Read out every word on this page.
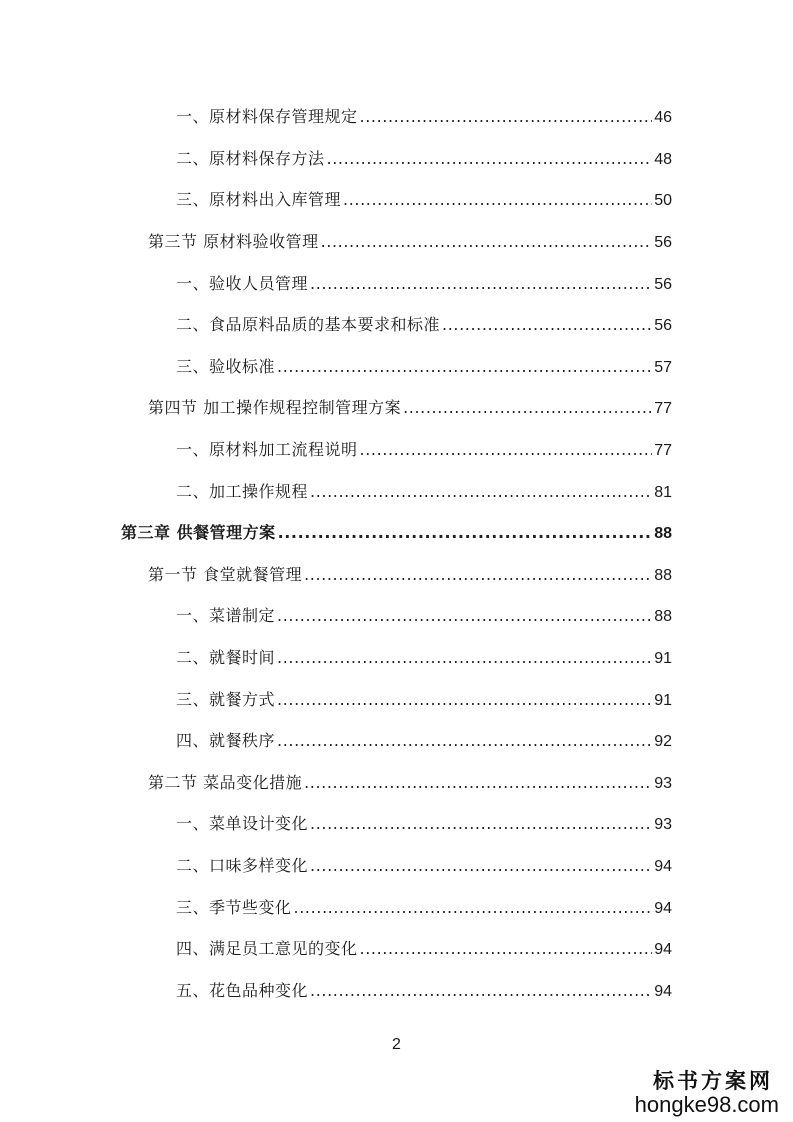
一、原材料保存管理规定 .....	46
二、原材料保存方法 .....	48
三、原材料出入库管理 .....	50
第三节 原材料验收管理 .....	56
一、验收人员管理 .....	56
二、食品原料品质的基本要求和标准 .....	56
三、验收标准 .....	57
第四节 加工操作规程控制管理方案 .....	77
一、原材料加工流程说明 .....	77
二、加工操作规程 .....	81
第三章 供餐管理方案 .....	88
第一节 食堂就餐管理 .....	88
一、菜谱制定 .....	88
二、就餐时间 .....	91
三、就餐方式 .....	91
四、就餐秩序 .....	92
第二节 菜品变化措施 .....	93
一、菜单设计变化 .....	93
二、口味多样变化 .....	94
三、季节些变化 .....	94
四、满足员工意见的变化 .....	94
五、花色品种变化 .....	94
2
标书方案网
hongke98.com
